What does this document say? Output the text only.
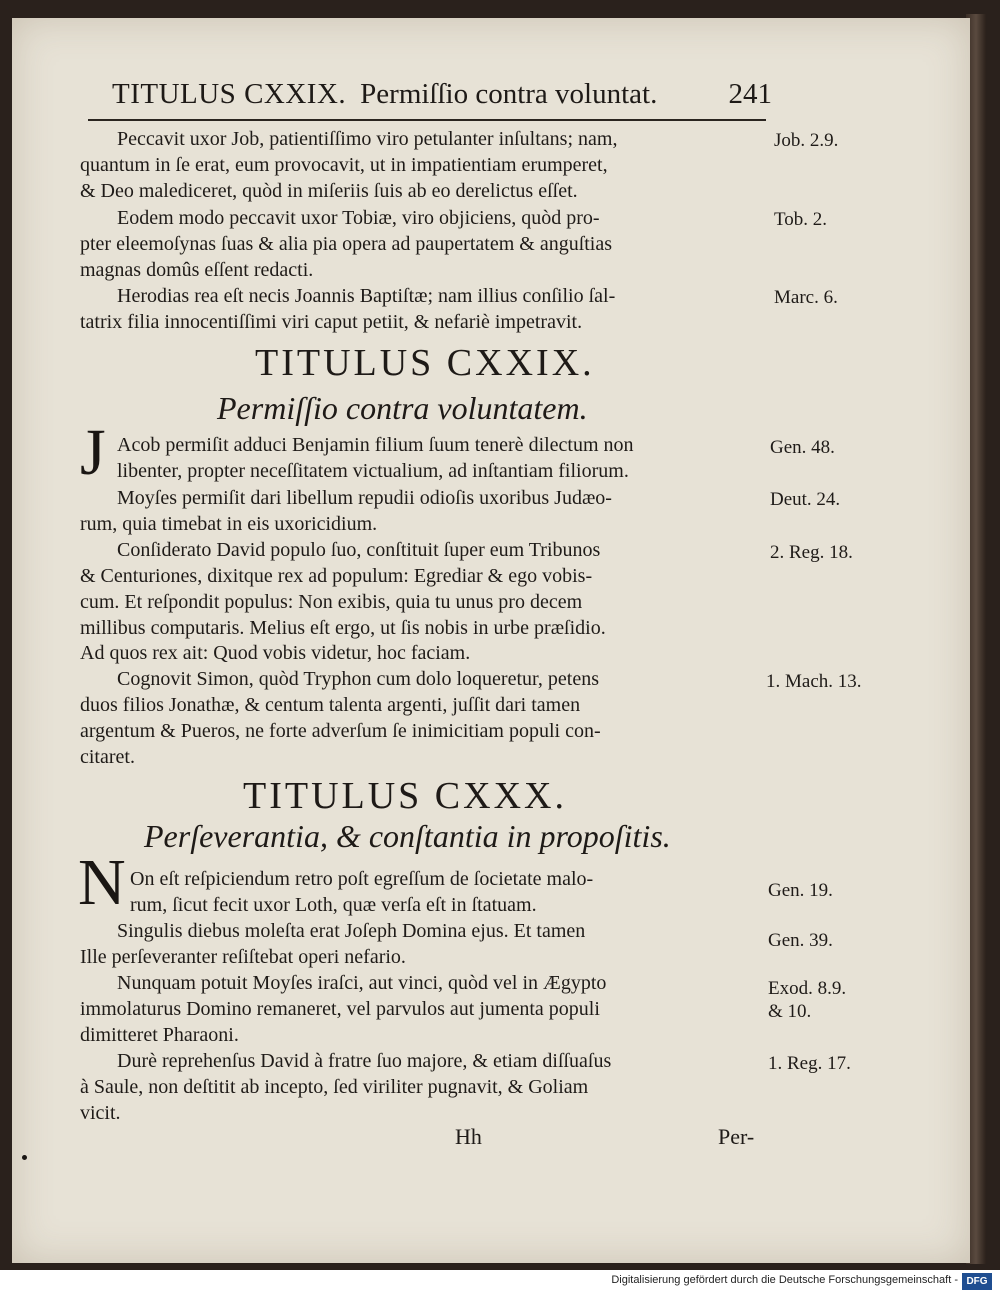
TITULUS CXXIX. Permiſſio contra voluntat. 241
Peccavit uxor Job, patientiſſimo viro petulanter inſultans; nam,
quantum in ſe erat, eum provocavit, ut in impatientiam erumperet,
& Deo malediceret, quòd in miſeriis ſuis ab eo derelictus eſſet.
Eodem modo peccavit uxor Tobiæ, viro objiciens, quòd pro-
pter eleemoſynas ſuas & alia pia opera ad paupertatem & anguſtias
magnas domûs eſſent redacti.
Herodias rea eſt necis Joannis Baptiſtæ; nam illius conſilio ſal-
tatrix filia innocentiſſimi viri caput petiit, & nefariè impetravit.
Job. 2.9.
Tob. 2.
Marc. 6.
TITULUS CXXIX.
Permiſſio contra voluntatem.
J Acob permiſit adduci Benjamin filium ſuum tenerè dilectum non
libenter, propter neceſſitatem victualium, ad inſtantiam filiorum.
Moyſes permiſit dari libellum repudii odioſis uxoribus Judæo-
rum, quia timebat in eis uxoricidium.
Conſiderato David populo ſuo, conſtituit ſuper eum Tribunos
& Centuriones, dixitque rex ad populum: Egrediar & ego vobis-
cum. Et reſpondit populus: Non exibis, quia tu unus pro decem
millibus computaris. Melius eſt ergo, ut ſis nobis in urbe præſidio.
Ad quos rex ait: Quod vobis videtur, hoc faciam.
Cognovit Simon, quòd Tryphon cum dolo loqueretur, petens
duos filios Jonathæ, & centum talenta argenti, juſſit dari tamen
argentum & Pueros, ne forte adverſum ſe inimicitiam populi con-
citaret.
Gen. 48.
Deut. 24.
2. Reg. 18.
1. Mach. 13.
TITULUS CXXX.
Perſeverantia, & conſtantia in propoſitis.
N On eſt reſpiciendum retro poſt egreſſum de ſocietate malo-
rum, ſicut fecit uxor Loth, quæ verſa eſt in ſtatuam.
Singulis diebus moleſta erat Joſeph Domina ejus. Et tamen
Ille perſeveranter reſiſtebat operi nefario.
Nunquam potuit Moyſes iraſci, aut vinci, quòd vel in Ægypto
immolaturus Domino remaneret, vel parvulos aut jumenta populi
dimitteret Pharaoni.
Durè reprehenſus David à fratre ſuo majore, & etiam diſſuaſus
à Saule, non deſtitit ab incepto, ſed viriliter pugnavit, & Goliam
vicit.
Gen. 19.
Gen. 39.
Exod. 8.9.
& 10.
1. Reg. 17.
Hh	Per-
Digitalisierung gefördert durch die Deutsche Forschungsgemeinschaft - DFG
